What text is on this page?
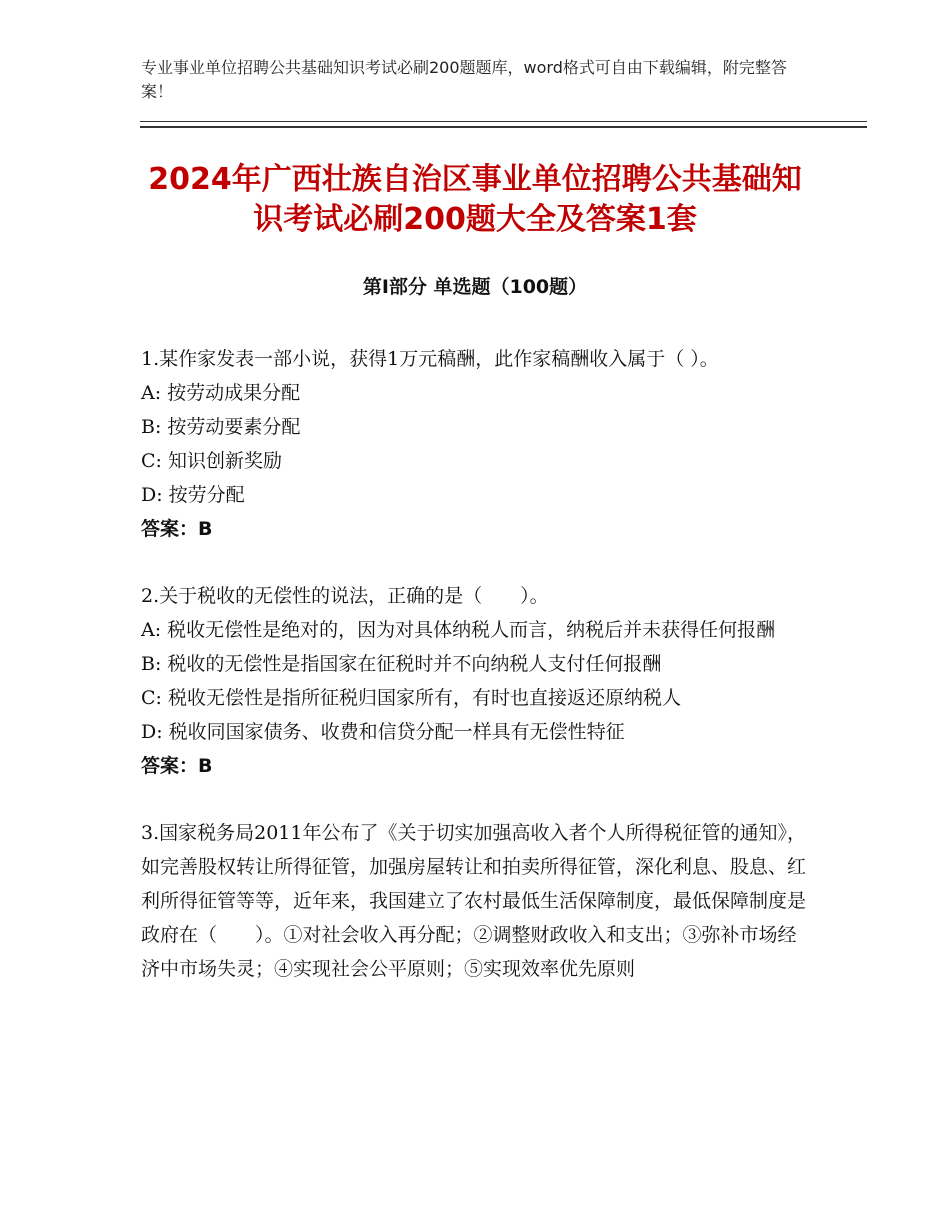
专业事业单位招聘公共基础知识考试必刷200题题库，word格式可自由下载编辑，附完整答案！
2024年广西壮族自治区事业单位招聘公共基础知识考试必刷200题大全及答案1套
第Ⅰ部分 单选题（100题）

1.某作家发表一部小说，获得1万元稿酬，此作家稿酬收入属于（ ）。

A: 按劳动成果分配

B: 按劳动要素分配

C: 知识创新奖励

D: 按劳分配

答案：B

2.关于税收的无偿性的说法，正确的是（　　）。

A: 税收无偿性是绝对的，因为对具体纳税人而言，纳税后并未获得任何报酬

B: 税收的无偿性是指国家在征税时并不向纳税人支付任何报酬

C: 税收无偿性是指所征税归国家所有，有时也直接返还原纳税人

D: 税收同国家债务、收费和信贷分配一样具有无偿性特征

答案：B

3.国家税务局2011年公布了《关于切实加强高收入者个人所得税征管的通知》，如完善股权转让所得征管，加强房屋转让和拍卖所得征管，深化利息、股息、红利所得征管等等，近年来，我国建立了农村最低生活保障制度，最低保障制度是政府在（　　）。①对社会收入再分配；②调整财政收入和支出；③弥补市场经济中市场失灵；④实现社会公平原则；⑤实现效率优先原则
